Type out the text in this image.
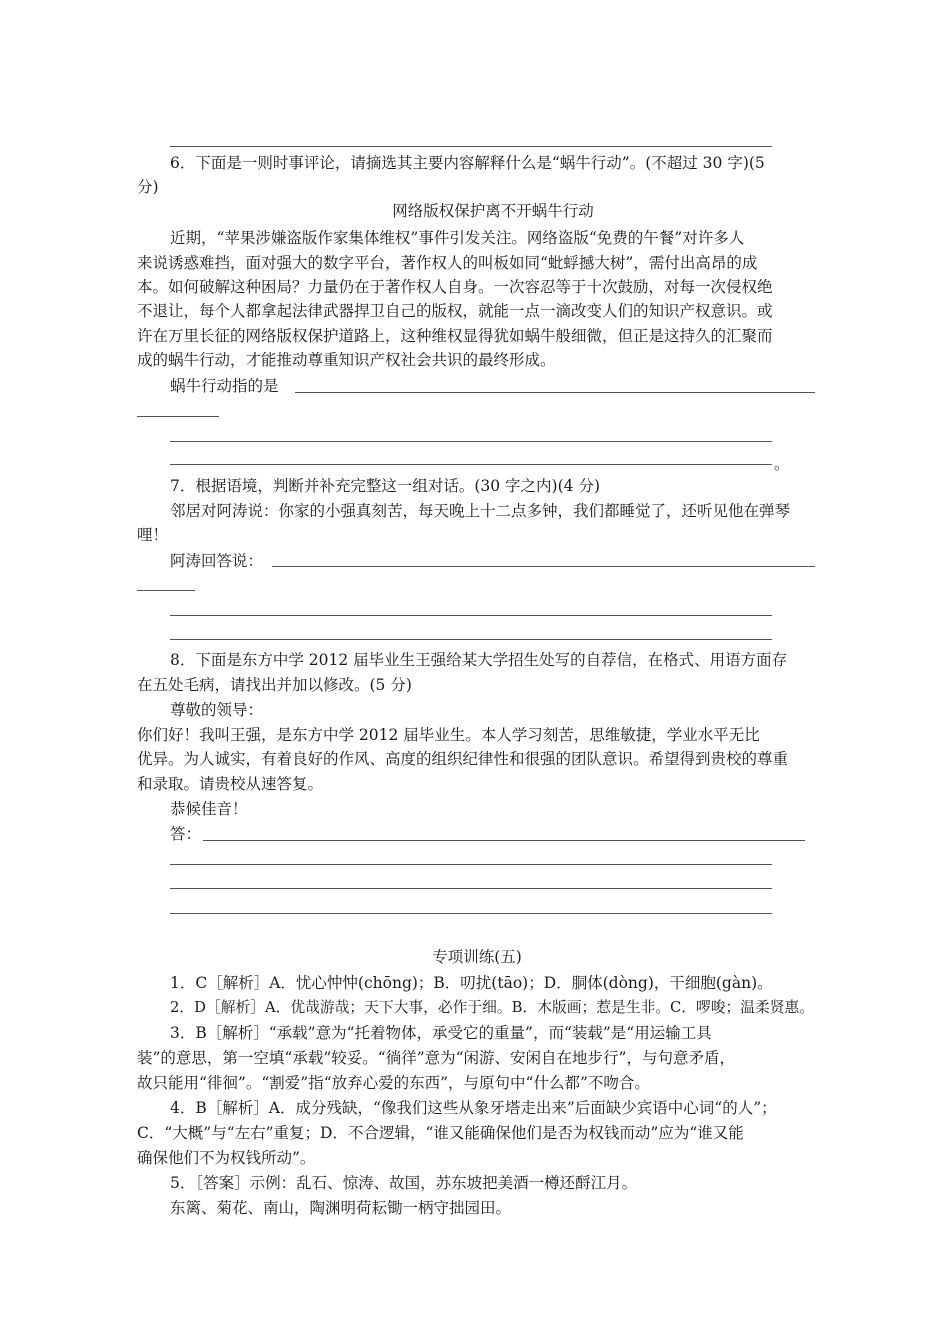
6．下面是一则时事评论，请摘选其主要内容解释什么是“蜗牛行动”。(不超过 30 字)(5
分)
网络版权保护离不开蜗牛行动
近期，“苹果涉嫌盗版作家集体维权”事件引发关注。网络盗版“免费的午餐”对许多人
来说诱惑难挡，面对强大的数字平台，著作权人的叫板如同“蚍蜉撼大树”，需付出高昂的成
本。如何破解这种困局？力量仍在于著作权人自身。一次容忍等于十次鼓励，对每一次侵权绝
不退让，每个人都拿起法律武器捍卫自己的版权，就能一点一滴改变人们的知识产权意识。或
许在万里长征的网络版权保护道路上，这种维权显得犹如蜗牛般细微，但正是这持久的汇聚而
成的蜗牛行动，才能推动尊重知识产权社会共识的最终形成。
蜗牛行动指的是
。
7．根据语境，判断并补充完整这一组对话。(30 字之内)(4 分)
邻居对阿涛说：你家的小强真刻苦，每天晚上十二点多钟，我们都睡觉了，还听见他在弹琴
哩！
阿涛回答说：
8．下面是东方中学 2012 届毕业生王强给某大学招生处写的自荐信，在格式、用语方面存
在五处毛病，请找出并加以修改。(5 分)
尊敬的领导：
你们好！我叫王强，是东方中学 2012 届毕业生。本人学习刻苦，思维敏捷，学业水平无比
优异。为人诚实，有着良好的作风、高度的组织纪律性和很强的团队意识。希望得到贵校的尊重
和录取。请贵校从速答复。
恭候佳音！
答：
专项训练(五)
1．C［解析］A．忧心忡忡(chōng)；B．叨扰(tāo)；D．胴体(dòng)，干细胞(gàn)。
2．D［解析］A．优哉游哉；天下大事，必作于细。B．木版画；惹是生非。C．啰唆；温柔贤惠。
3．B［解析］“承载”意为“托着物体，承受它的重量”，而“装载”是“用运输工具
装”的意思，第一空填“承载”较妥。“徜徉”意为“闲游、安闲自在地步行”，与句意矛盾，
故只能用“徘徊”。“割爱”指“放弃心爱的东西”，与原句中“什么都”不吻合。
4．B［解析］A．成分残缺，“像我们这些从象牙塔走出来”后面缺少宾语中心词“的人”；
C．“大概”与“左右”重复；D．不合逻辑，“谁又能确保他们是否为权钱而动”应为“谁又能
确保他们不为权钱所动”。
5．［答案］示例：乱石、惊涛、故国，苏东坡把美酒一樽还酹江月。
东篱、菊花、南山，陶渊明荷耘锄一柄守拙园田。
